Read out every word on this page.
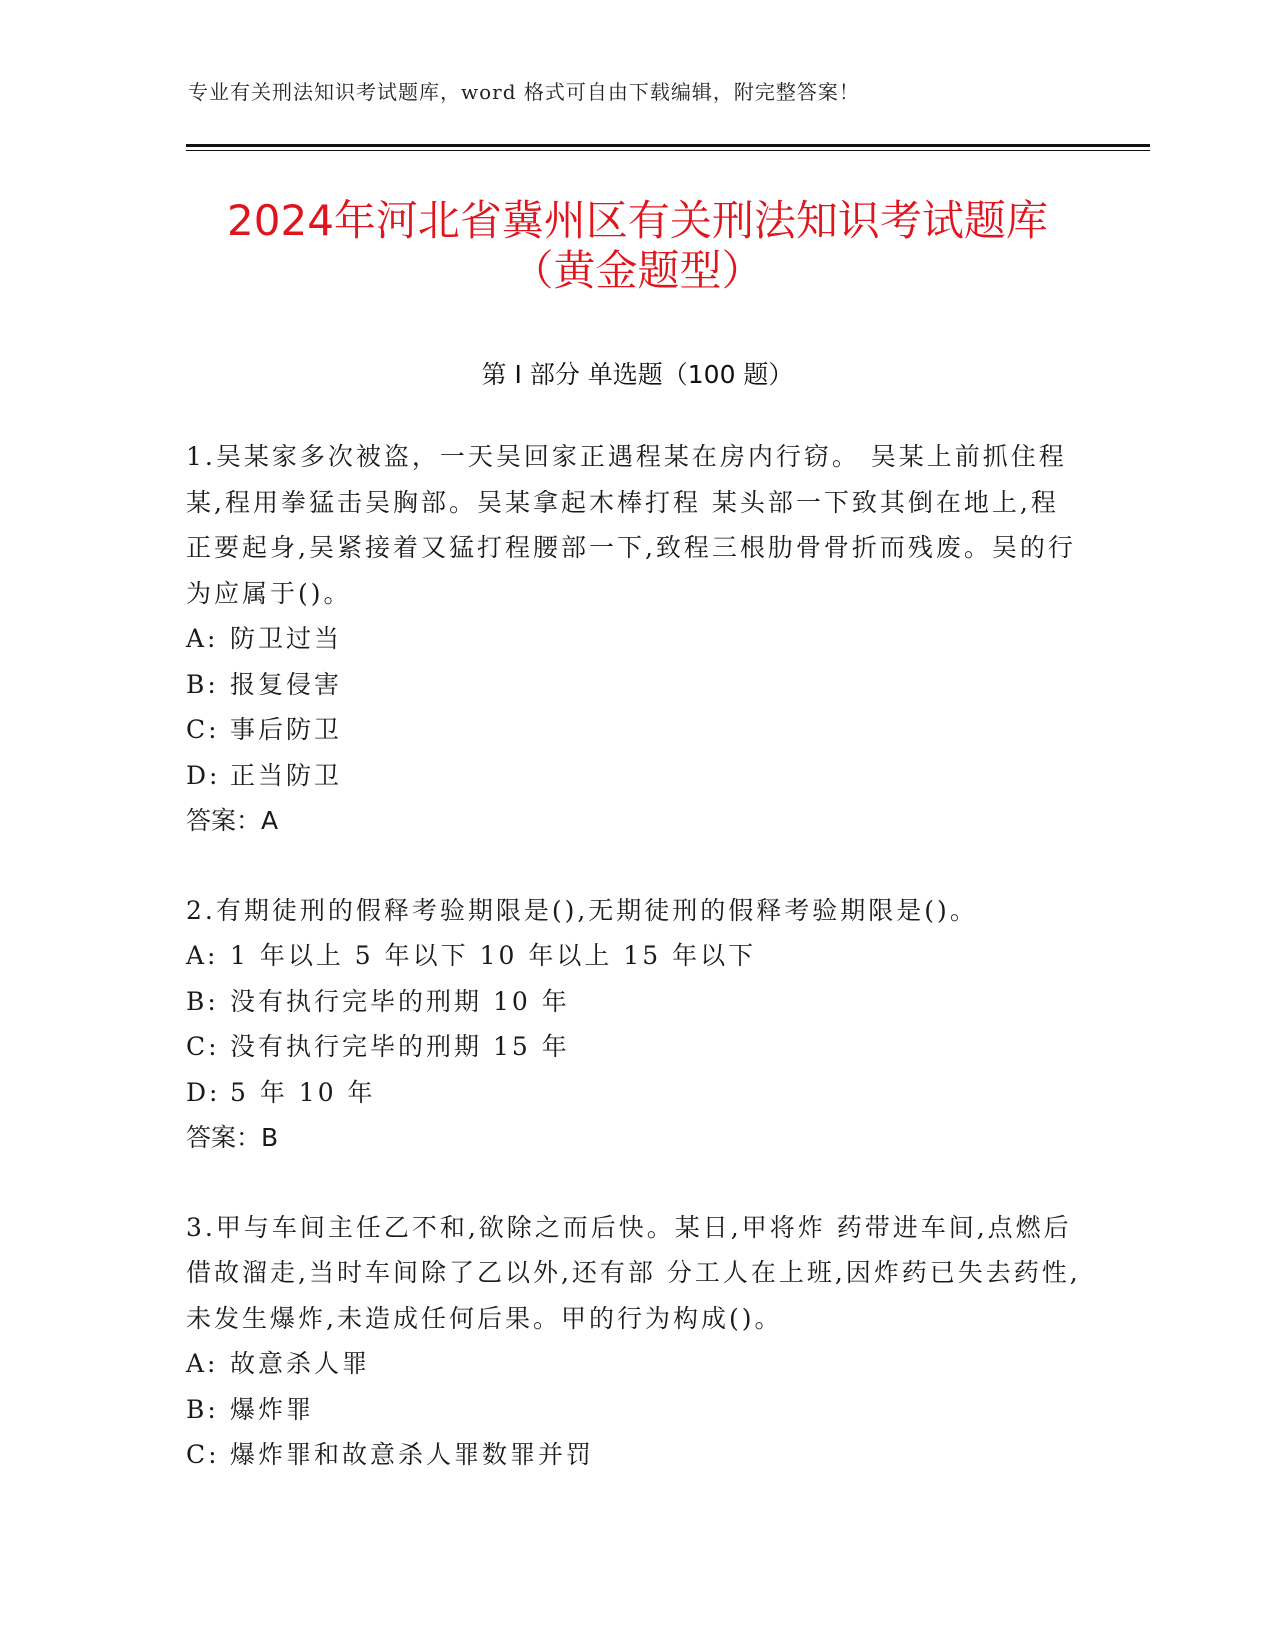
专业有关刑法知识考试题库，word 格式可自由下载编辑，附完整答案！
2024年河北省冀州区有关刑法知识考试题库
（黄金题型）
第 I 部分 单选题（100 题）
1.吴某家多次被盗，一天吴回家正遇程某在房内行窃。 吴某上前抓住程某,程用拳猛击吴胸部。吴某拿起木棒打程 某头部一下致其倒在地上,程正要起身,吴紧接着又猛打程腰部一下,致程三根肋骨骨折而残废。吴的行为应属于()。
A: 防卫过当
B: 报复侵害
C: 事后防卫
D: 正当防卫
答案：A
2.有期徒刑的假释考验期限是(),无期徒刑的假释考验期限是()。
A: 1 年以上 5 年以下 10 年以上 15 年以下
B: 没有执行完毕的刑期 10 年
C: 没有执行完毕的刑期 15 年
D: 5 年 10 年
答案：B
3.甲与车间主任乙不和,欲除之而后快。某日,甲将炸 药带进车间,点燃后借故溜走,当时车间除了乙以外,还有部 分工人在上班,因炸药已失去药性,未发生爆炸,未造成任何后果。甲的行为构成()。
A: 故意杀人罪
B: 爆炸罪
C: 爆炸罪和故意杀人罪数罪并罚
